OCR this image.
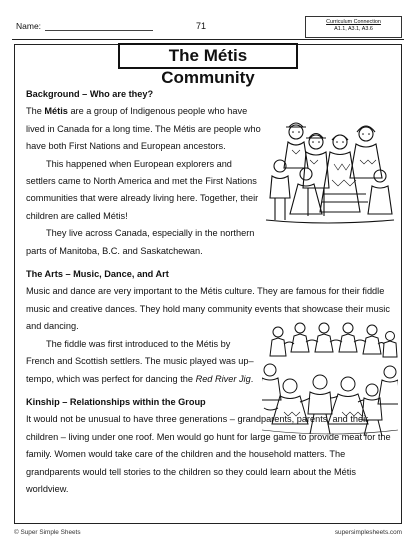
Name:	71	Curriculum Connection
A1.1, A3.1, A3.6
The Métis Community
Background – Who are they?
The Métis are a group of Indigenous people who have lived in Canada for a long time. The Métis are people who have both First Nations and European ancestors.
This happened when European explorers and settlers came to North America and met the First Nations communities that were already living here. Together, their children are called Métis!
They live across Canada, especially in the northern parts of Manitoba, B.C. and Saskatchewan.
The Arts – Music, Dance, and Art
Music and dance are very important to the Métis culture. They are famous for their fiddle music and creative dances. They hold many community events that showcase their music and dancing.
The fiddle was first introduced to the Métis by French and Scottish settlers. The music played was up–tempo, which was perfect for dancing the Red River Jig.
Kinship – Relationships within the Group
It would not be unusual to have three generations – grandparents, parents, and their children – living under one roof. Men would go hunt for large game to provide meat for the family. Women would take care of the children and the household matters. The grandparents would tell stories to the children so they could learn about the Métis worldview.
© Super Simple Sheets	supersimplesheets.com
